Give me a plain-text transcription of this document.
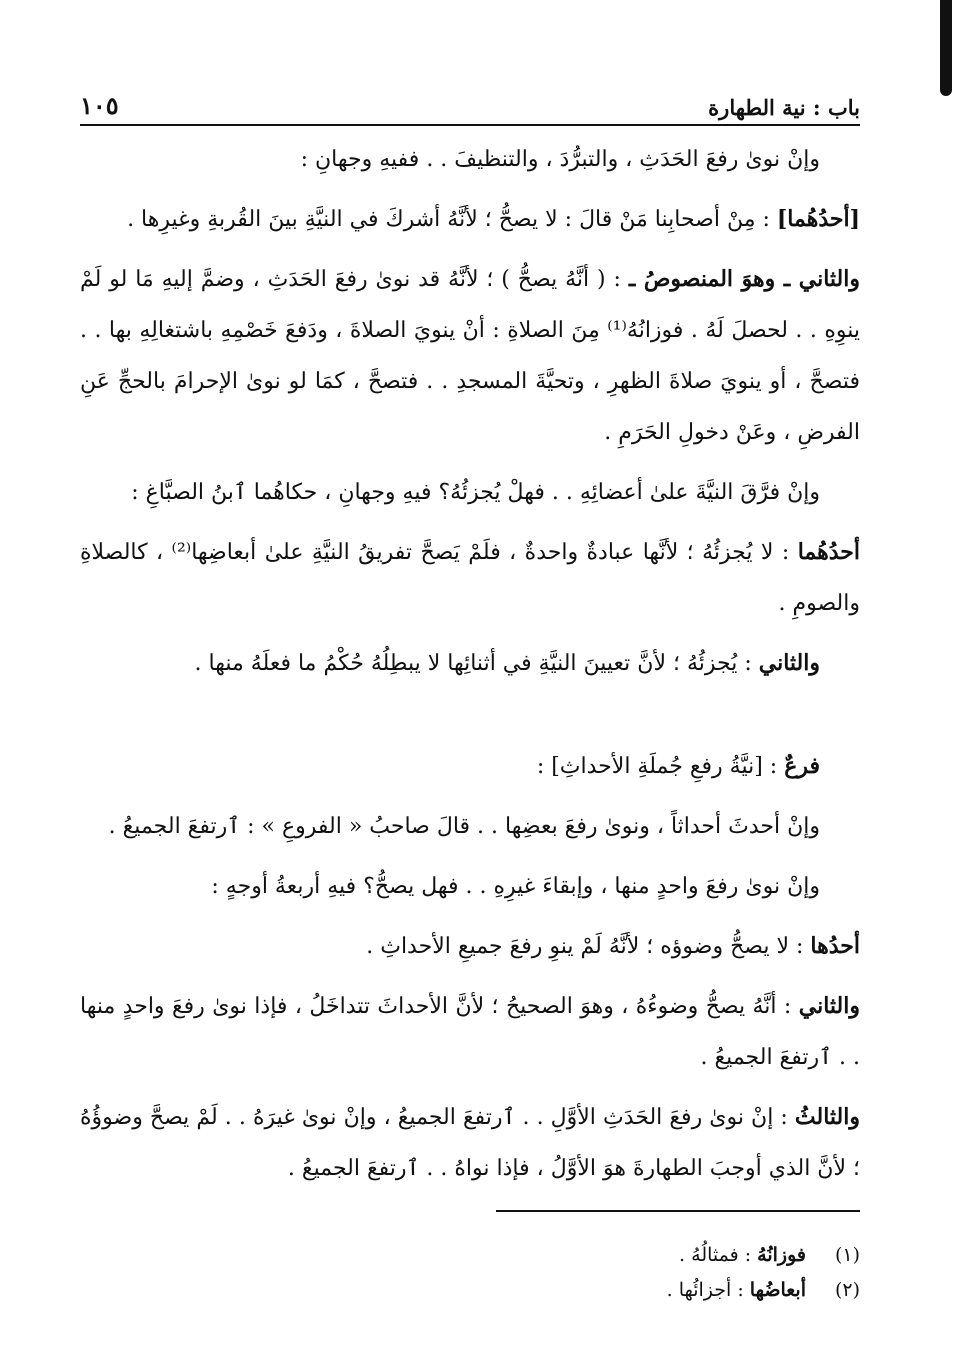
باب : نية الطهارة
١٠٥

وإنْ نوىٰ رفعَ الحَدَثِ ، والتبرُّدَ ، والتنظيفَ . . ففيهِ وجهانِ :

[أحدُهُما] : مِنْ أصحابِنا مَنْ قالَ : لا يصحُّ ؛ لأنَّهُ أشركَ في النيَّةِ بينَ القُربةِ وغيرِها .

والثاني ـ وهوَ المنصوصُ ـ : ( أنَّهُ يصحُّ ) ؛ لأنَّهُ قد نوىٰ رفعَ الحَدَثِ ، وضمَّ إليهِ مَا لو لَمْ ينوِهِ . . لحصلَ لَهُ . فوزانُهُ⁽¹⁾ مِنَ الصلاةِ : أنْ ينويَ الصلاةَ ، ودَفعَ خَصْمِهِ باشتغالِهِ بها . . فتصحَّ ، أو ينويَ صلاةَ الظهرِ ، وتحيَّةَ المسجدِ . . فتصحَّ ، كمَا لو نوىٰ الإحرامَ بالحجِّ عَنِ الفرضِ ، وعَنْ دخولِ الحَرَمِ .

وإنْ فرَّقَ النيَّةَ علىٰ أعضائِهِ . . فهلْ يُجزئُهُ؟ فيهِ وجهانِ ، حكاهُما ٱبنُ الصبَّاغِ :

أحدُهُما : لا يُجزئُهُ ؛ لأنَّها عبادةٌ واحدةٌ ، فلَمْ يَصحَّ تفريقُ النيَّةِ علىٰ أبعاضِها⁽²⁾ ، كالصلاةِ والصومِ .

والثاني : يُجزئُهُ ؛ لأنَّ تعيينَ النيَّةِ في أثنائِها لا يبطِلُهُ حُكْمُ ما فعلَهُ منها .

فرعٌ : [نيَّةُ رفعِ جُملَةِ الأحداثِ] :

وإنْ أحدثَ أحداثاً ، ونوىٰ رفعَ بعضِها . . قالَ صاحبُ « الفروعِ » : ٱرتفعَ الجميعُ .

وإنْ نوىٰ رفعَ واحدٍ منها ، وإبقاءَ غيرِهِ . . فهل يصحُّ؟ فيهِ أربعةُ أوجهٍ :

أحدُها : لا يصحُّ وضوؤه ؛ لأنَّهُ لَمْ ينوِ رفعَ جميعِ الأحداثِ .

والثاني : أنَّهُ يصحُّ وضوءُهُ ، وهوَ الصحيحُ ؛ لأنَّ الأحداثَ تتداخَلُ ، فإذا نوىٰ رفعَ واحدٍ منها . . ٱرتفعَ الجميعُ .

والثالثُ : إنْ نوىٰ رفعَ الحَدَثِ الأوَّلِ . . ٱرتفعَ الجميعُ ، وإنْ نوىٰ غيرَهُ . . لَمْ يصحَّ وضوؤُهُ ؛ لأنَّ الذي أوجبَ الطهارةَ هوَ الأوَّلُ ، فإذا نواهُ . . ٱرتفعَ الجميعُ .

(١)
فوزانُهُ : فمثالُهُ .
(٢)
أبعاضُها : أجزائُها .
